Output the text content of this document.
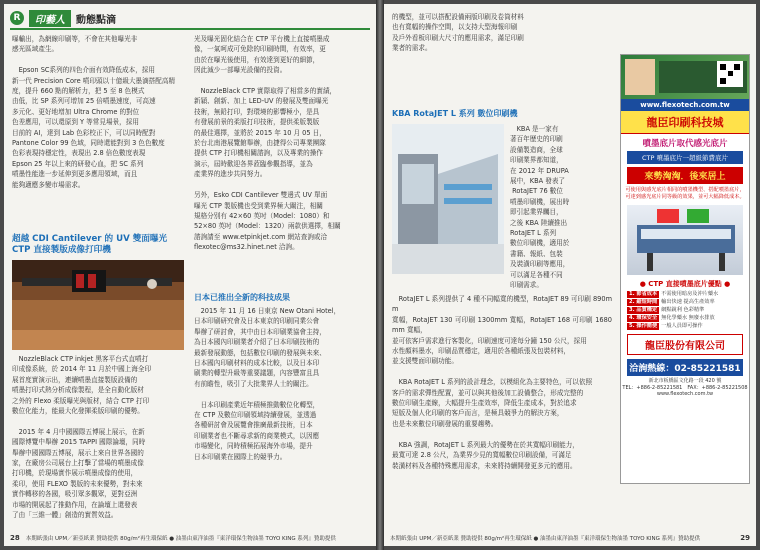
R	印藝人	動態點滴
曝輸出，為網線印刷等，不會在其他曝光非
感光區域產生。

　Epson SC系列的四色介面有效降低成本，採用
新一代 Precision Core 噴印頭以十億級大墨滴搭配高精
度，提升 660 點的解析力，把 5 至 8 色模式
由低，比 SP 系列可增加 25 倍噴墨速度，可高速
多元化、更好地增加 Ultra Chrome 的對位
色差應用，可以還原到 Y 等常見場景，採用
目前的 AI，達到 Lab 色彩校正下，可以同時配對
Pantone Color 99 色域，同時還能對到 3 色色數度
色彩表現持穩定性，表現出 2.8 倍色數度表現
Epson 25 年以上來的研發心血，把 SC 系列
噴墨性能進一步延伸到更多應用領域，而且
能夠適應多變市場需求。
超越 CDI Cantilever 的 UV 雙面曝光
CTP 直接製版成像打印機
　NozzleBlack CTP inkjet 黑客平台式直噴打
印成像系統，於 2014 年 11 月於中國上海全印
展首度實演示出，連續噴墨直接製版設備的
噴墨打印式熱分析成像製程，是全自動化版材
之外的 Flexo 柔版曝光與版材，結合 CTP 打印
數位化能力，能最大化發揮柔版印刷的優勢。

　2015 年 4 月中國國際五博展上展示，在新
國際博覽中舉辦 2015 TAPPI 國際論壇，同時
舉辦中國國際五博展，展示上來自世界各國的
家，在廠房公司展台上打擊了當場的噴墨成像
打印機，於現場實作展示噴墨成像的使用，
柔印，使用 FLEXO 製版的未來優勢，對未來
實作轉移的各國，吸引眾多觀眾，更對亞洲
市場的開展起了推動作用，在論壇上還發表
了由「三維一體」創造的實質效益。
光及曝光固化結合在 CTP 平台機上直接噴墨成
像，一氣呵成可免除的印刷時間，有效率，更
由於在曝光後使用，有效達到更好的細節，
因此減少一部曝光設備的投資。

　NozzleBlack CTP 實際取得了相當多的實績，
新穎、創新、加上 LED-UV 的發展及雙面曝光
技術，無鉛打印，對環境的影響極小，是具
有發展前景的柔版打印技術，提供柔版製版
的最佳選擇，並將於 2015 年 10 月 05 日，
於台北南港展覽館舉辦，由捷得公司專業團隊
提供 CTP 打印機相關諮詢，以及專業的操作
演示，屆時歡迎各界蒞臨參觀指導，並為
產業界的進步共同努力。

另外，Esko CDI Cantilever 雙邊式 UV 單面
曝光 CTP 製版機也受到業界極大關注，相關
規格分別有 42×60 英吋（Model：1080）和
52×80 英吋（Model：1320）兩款供選擇，相關
諮詢請至 www.etpinkjet.com 網站查詢或洽
flexotec@ms32.hinet.net 洽詢。
日本已推出全新的科技成果
　2015 年 11 月 16 日東京 New Otani Hotel，
日本印刷研究會及日本東京的印刷同業公會
舉辦了研討會，其中由日本印刷業協會主持，
為日本國內印刷業者介紹了日本印刷技術的
最新發展動態，包括數位印刷的發展與未來、
日本國內印刷材料的成本比較，以及日本印
刷業的轉型升級等重要議題，內容豐富且具
有前瞻性，吸引了大批業界人士的關注。

　日本印刷產業近年積極推動數位化轉型，
在 CTP 及數位印刷領域持續發展，並透過
各種研討會及展覽會推廣最新技術，日本
印刷業者也不斷尋求新的商業模式，以因應
市場變化，同時積極拓展海外市場，提升
日本印刷業在國際上的競爭力。
28	本期紙張由 UPM／新亞紙業 贊助提供 80g/m²再生環保紙 ● 油墨由東洋油墨『東洋環保生物油墨 TOYO KING 系列』贊助提供
的機型，並可以搭配設備兩版印刷及卷筒材料
也有寬幅的操作空間，以支持大型海報印刷
及戶外看板印刷大尺寸的應用需求，滿足印刷
業者的需求。
KBA RotaJET L 系列 數位印刷機
　KBA 是一家有
著百年歷史的印刷
設備製造商，全球
印刷業界都知道，
在 2012 年 DRUPA
展中，KBA 發表了
RotaJET 76 數位
噴墨印刷機，展出時
即引起業界矚目，
之後 KBA 陸續推出
RotaJET L 系列
數位印刷機，適用於
書籍、報紙、包裝
及裝潢印刷等應用，
可以滿足各種不同
印刷需求。
　RotaJET L 系列提供了 4 種不同幅寬的機型，RotaJET 89 可印刷 890mm
寬幅，RotaJET 130 可印刷 1300mm 寬幅，RotaJET 168 可印刷 1680mm 寬幅，
並可依客戶需求進行客製化，印刷速度可達每分鐘 150 公尺，採用
水性顏料墨水，印刷品質穩定，適用於各種紙張及包裝材料，
並支援雙面印刷功能。

　KBA RotaJET L 系列的設計理念，以模組化為主要特色，可以依照
客戶的需求彈性配置，並可以與其他後加工設備整合，形成完整的
數位印刷生產線，大幅提升生產效率，降低生產成本，對於追求
短版及個人化印刷的客戶而言，是極具競爭力的解決方案，
也是未來數位印刷發展的重要趨勢。

　KBA 強調，RotaJET L 系列最大的優勢在於其寬幅印刷能力，
最寬可達 2.8 公尺，為業界少見的寬幅數位印刷設備，可滿足
裝潢材料及各種特殊應用需求，未來將持續開發更多元的應用。
www.flexotech.com.tw
龍臣印刷科技城
噴墨底片取代感光底片
CTP 噴墨底片一超級節費底片
來勢洶洶．後來居上
可使用與感光底片相同的噴墨機型、搭配噴墨底片，可達到感光底片同等級的效果，並可大幅降低成本。
● CTP 直接噴墨底片優點 ●
1. 節省成本 不需使用暗房及沖片藥水
2. 縮短時間 輸出快速 提高生產效率
3. 品質穩定 網點銳利 色彩精準
4. 環保安全 無化學藥水 無廢水排放
5. 操作簡便 一般人員即可操作
龍臣股份有限公司
洽詢熱線：02-85221581
新北市板橋區文化路一段 420 號
TEL：+886-2-85221581　FAX：+886-2-85221508
www.flexotech.com.tw
本期紙張由 UPM／新亞紙業 贊助提供 80g/m²再生環保紙 ● 油墨由東洋油墨『東洋環保生物油墨 TOYO KING 系列』贊助提供	29
